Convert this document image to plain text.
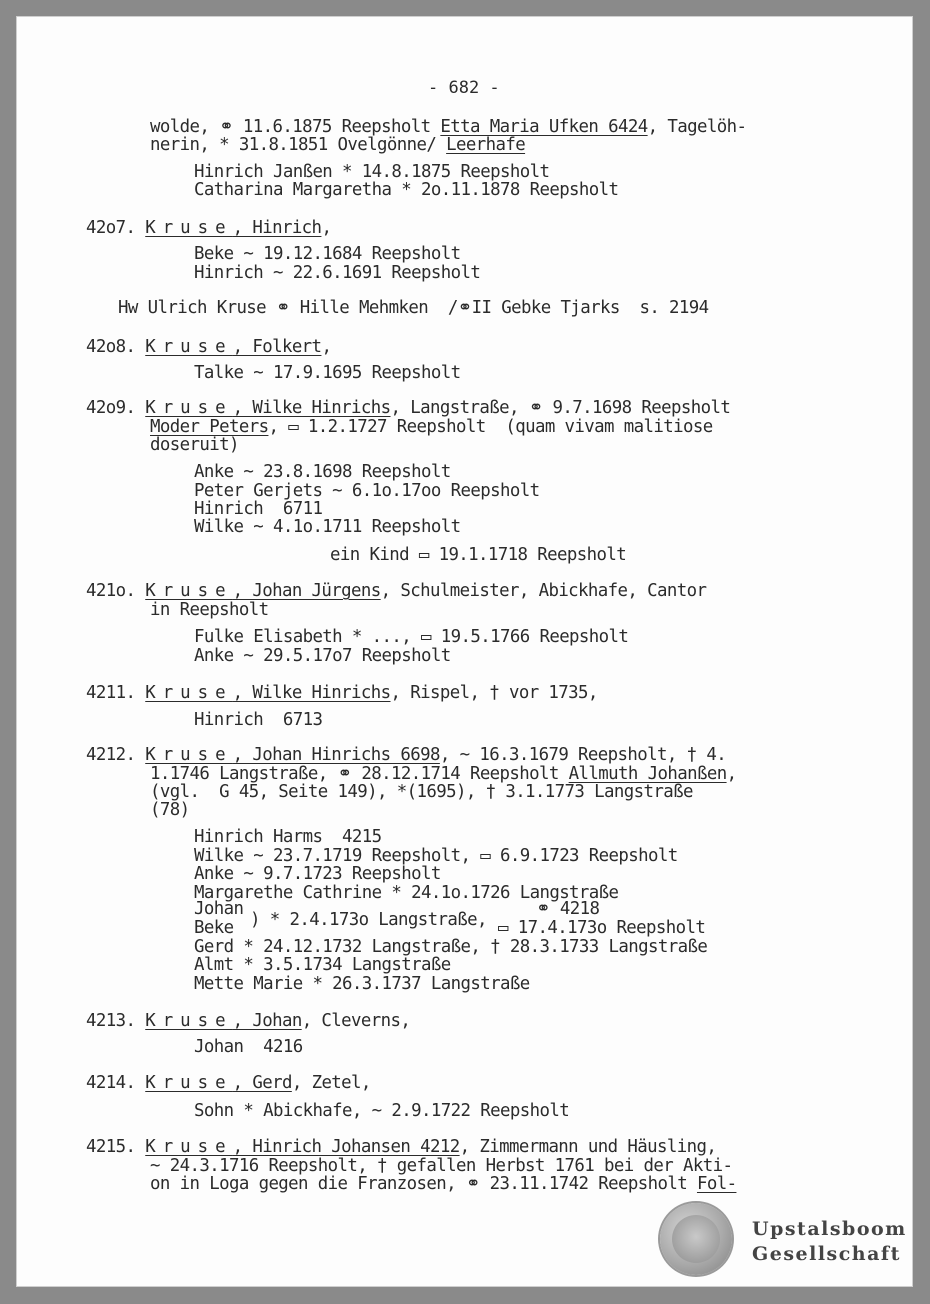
- 682 -
wolde, ⚭ 11.6.1875 Reepsholt Etta Maria Ufken 6424, Tagelöh-
nerin, * 31.8.1851 Ovelgönne/ Leerhafe
Hinrich Janßen * 14.8.1875 Reepsholt
Catharina Margaretha * 2o.11.1878 Reepsholt
42o7. Kruse, Hinrich,
Beke ~ 19.12.1684 Reepsholt
Hinrich ~ 22.6.1691 Reepsholt
Hw Ulrich Kruse ⚭ Hille Mehmken  /⚭II Gebke Tjarks  s. 2194
42o8. Kruse, Folkert,
Talke ~ 17.9.1695 Reepsholt
42o9. Kruse, Wilke Hinrichs, Langstraße, ⚭ 9.7.1698 Reepsholt
Moder Peters, ▭ 1.2.1727 Reepsholt  (quam vivam malitiose
doseruit)
Anke ~ 23.8.1698 Reepsholt
Peter Gerjets ~ 6.1o.17oo Reepsholt
Hinrich  6711
Wilke ~ 4.1o.1711 Reepsholt
ein Kind ▭ 19.1.1718 Reepsholt
421o. Kruse, Johan Jürgens, Schulmeister, Abickhafe, Cantor
in Reepsholt
Fulke Elisabeth * ..., ▭ 19.5.1766 Reepsholt
Anke ~ 29.5.17o7 Reepsholt
4211. Kruse, Wilke Hinrichs, Rispel, † vor 1735,
Hinrich  6713
4212. Kruse, Johan Hinrichs 6698, ~ 16.3.1679 Reepsholt, † 4.
1.1746 Langstraße, ⚭ 28.12.1714 Reepsholt Allmuth Johanßen,
(vgl.  G 45, Seite 149), *(1695), † 3.1.1773 Langstraße
(78)
Hinrich Harms  4215
Wilke ~ 23.7.1719 Reepsholt, ▭ 6.9.1723 Reepsholt
Anke ~ 9.7.1723 Reepsholt
Margarethe Cathrine * 24.1o.1726 Langstraße
Johan
) * 2.4.173o Langstraße,
⚭ 4218
Beke	▭ 17.4.173o Reepsholt
Gerd * 24.12.1732 Langstraße, † 28.3.1733 Langstraße
Almt * 3.5.1734 Langstraße
Mette Marie * 26.3.1737 Langstraße
4213. Kruse, Johan, Cleverns,
Johan  4216
4214. Kruse, Gerd, Zetel,
Sohn * Abickhafe, ~ 2.9.1722 Reepsholt
4215. Kruse, Hinrich Johansen 4212, Zimmermann und Häusling,
~ 24.3.1716 Reepsholt, † gefallen Herbst 1761 bei der Akti-
on in Loga gegen die Franzosen, ⚭ 23.11.1742 Reepsholt Fol-
Upstalsboom
Gesellschaft
